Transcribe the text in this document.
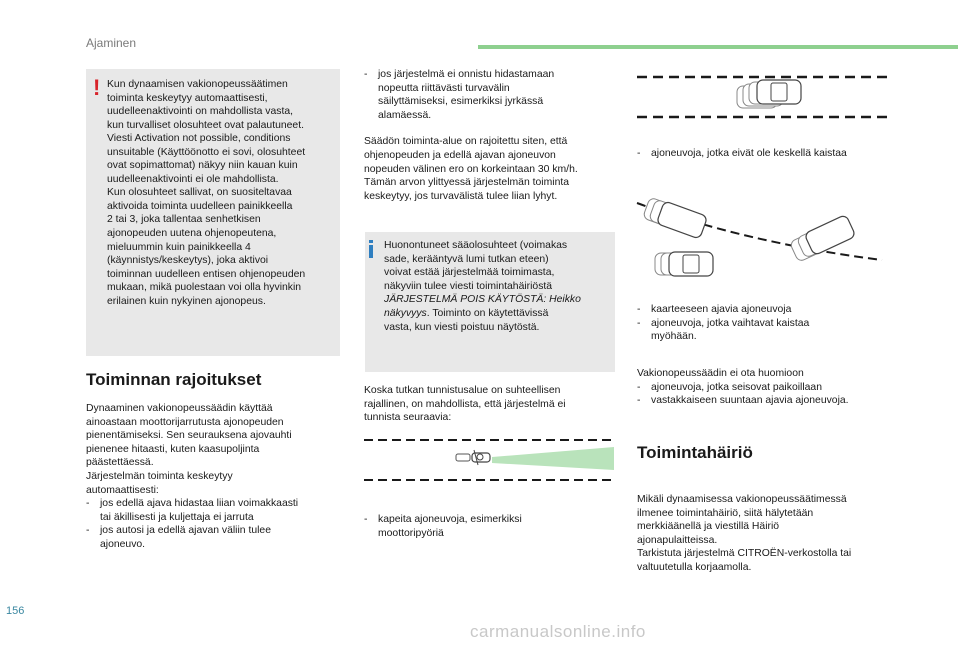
Ajaminen
! Kun dynaamisen vakionopeussäätimen

toiminta keskeytyy automaattisesti,

uudelleenaktivointi on mahdollista vasta,

kun turvalliset olosuhteet ovat palautuneet.

Viesti Activation not possible, conditions

unsuitable (Käyttöönotto ei sovi, olosuhteet

ovat sopimattomat) näkyy niin kauan kuin

uudelleenaktivointi ei ole mahdollista.

Kun olosuhteet sallivat, on suositeltavaa

aktivoida toiminta uudelleen painikkeella

2 tai 3, joka tallentaa senhetkisen

ajonopeuden uutena ohjenopeutena,

mieluummin kuin painikkeella 4

(käynnistys/keskeytys), joka aktivoi

toiminnan uudelleen entisen ohjenopeuden

mukaan, mikä puolestaan voi olla hyvinkin

erilainen kuin nykyinen ajonopeus.

Toiminnan rajoitukset

Dynaaminen vakionopeussäädin käyttää

ainoastaan moottorijarrutusta ajonopeuden

pienentämiseksi. Sen seurauksena ajovauhti

pienenee hitaasti, kuten kaasupoljinta

päästettäessä.

Järjestelmän toiminta keskeytyy

automaattisesti:

- jos edellä ajava hidastaa liian voimakkaasti

tai äkillisesti ja kuljettaja ei jarruta

- jos autosi ja edellä ajavan väliin tulee

ajoneuvo.

- jos järjestelmä ei onnistu hidastamaan

nopeutta riittävästi turvavälin

säilyttämiseksi, esimerkiksi jyrkässä

alamäessä.

Säädön toiminta-alue on rajoitettu siten, että

ohjenopeuden ja edellä ajavan ajoneuvon

nopeuden välinen ero on korkeintaan 30 km/h.

Tämän arvon ylittyessä järjestelmän toiminta

keskeytyy, jos turvavälistä tulee liian lyhyt.

Huonontuneet sääolosuhteet (voimakas

sade, kerääntyvä lumi tutkan eteen)

voivat estää järjestelmää toimimasta,

näkyviin tulee viesti toimintahäiriöstä

JÄRJESTELMÄ POIS KÄYTÖSTÄ: Heikko

näkyvyys. Toiminto on käytettävissä

vasta, kun viesti poistuu näytöstä.

Koska tutkan tunnistusalue on suhteellisen

rajallinen, on mahdollista, että järjestelmä ei

tunnista seuraavia:

- kapeita ajoneuvoja, esimerkiksi

moottoripyöriä

- ajoneuvoja, jotka eivät ole keskellä kaistaa

- kaarteeseen ajavia ajoneuvoja

- ajoneuvoja, jotka vaihtavat kaistaa

myöhään.

Vakionopeussäädin ei ota huomioon

- ajoneuvoja, jotka seisovat paikoillaan

- vastakkaiseen suuntaan ajavia ajoneuvoja.

Toimintahäiriö

Mikäli dynaamisessa vakionopeussäätimessä

ilmenee toimintahäiriö, siitä hälytetään

merkkiäänellä ja viestillä Häiriö

ajonapulaitteissa.

Tarkistuta järjestelmä CITROËN-verkostolla tai

valtuutetulla korjaamolla.

156
carmanualsonline.info
